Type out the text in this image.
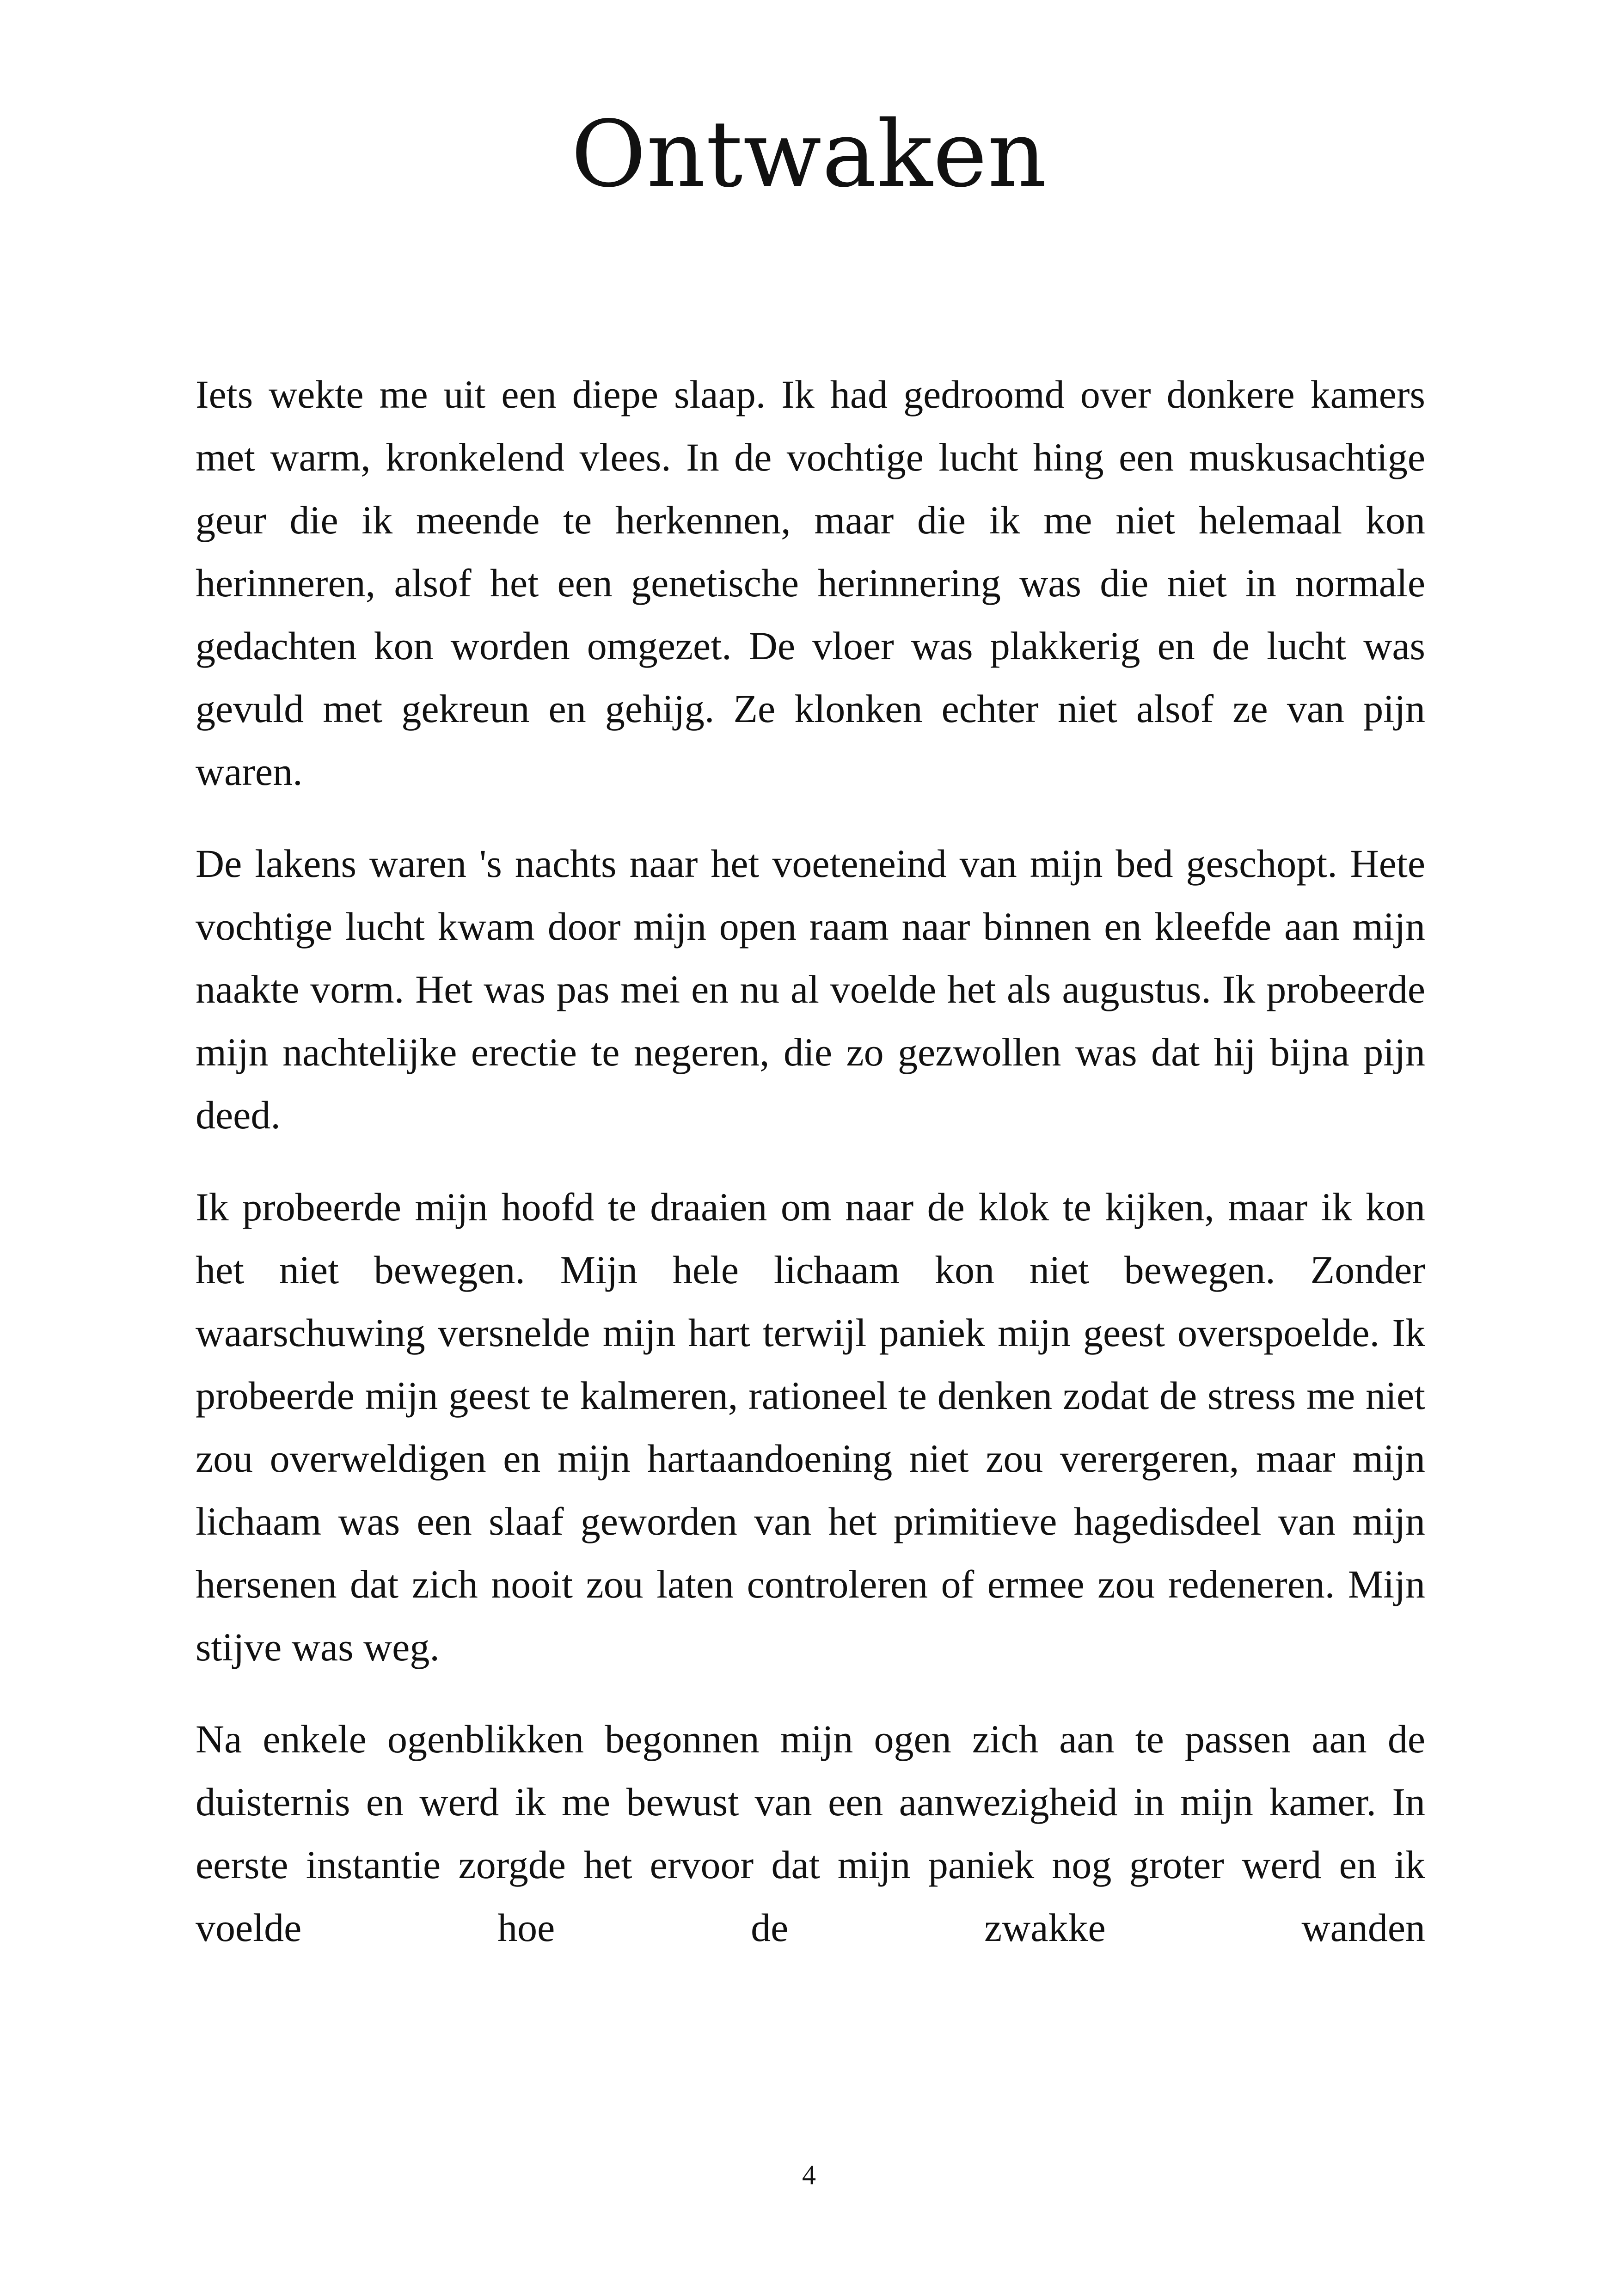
Ontwaken

Iets wekte me uit een diepe slaap. Ik had gedroomd over donkere kamers met warm, kronkelend vlees. In de vochtige lucht hing een muskusachtige geur die ik meende te herkennen, maar die ik me niet helemaal kon herinneren, alsof het een genetische herinnering was die niet in normale gedachten kon worden omgezet. De vloer was plakkerig en de lucht was gevuld met gekreun en gehijg. Ze klonken echter niet alsof ze van pijn waren.

De lakens waren 's nachts naar het voeteneind van mijn bed geschopt. Hete vochtige lucht kwam door mijn open raam naar binnen en kleefde aan mijn naakte vorm. Het was pas mei en nu al voelde het als augustus. Ik probeerde mijn nachtelijke erectie te negeren, die zo gezwollen was dat hij bijna pijn deed.

Ik probeerde mijn hoofd te draaien om naar de klok te kijken, maar ik kon het niet bewegen. Mijn hele lichaam kon niet bewegen. Zonder waarschuwing versnelde mijn hart terwijl paniek mijn geest overspoelde. Ik probeerde mijn geest te kalmeren, rationeel te denken zodat de stress me niet zou overweldigen en mijn hartaandoening niet zou verergeren, maar mijn lichaam was een slaaf geworden van het primitieve hagedisdeel van mijn hersenen dat zich nooit zou laten controleren of ermee zou redeneren. Mijn stijve was weg.

Na enkele ogenblikken begonnen mijn ogen zich aan te passen aan de duisternis en werd ik me bewust van een aanwezigheid in mijn kamer. In eerste instantie zorgde het ervoor dat mijn paniek nog groter werd en ik voelde hoe de zwakke wanden

4
